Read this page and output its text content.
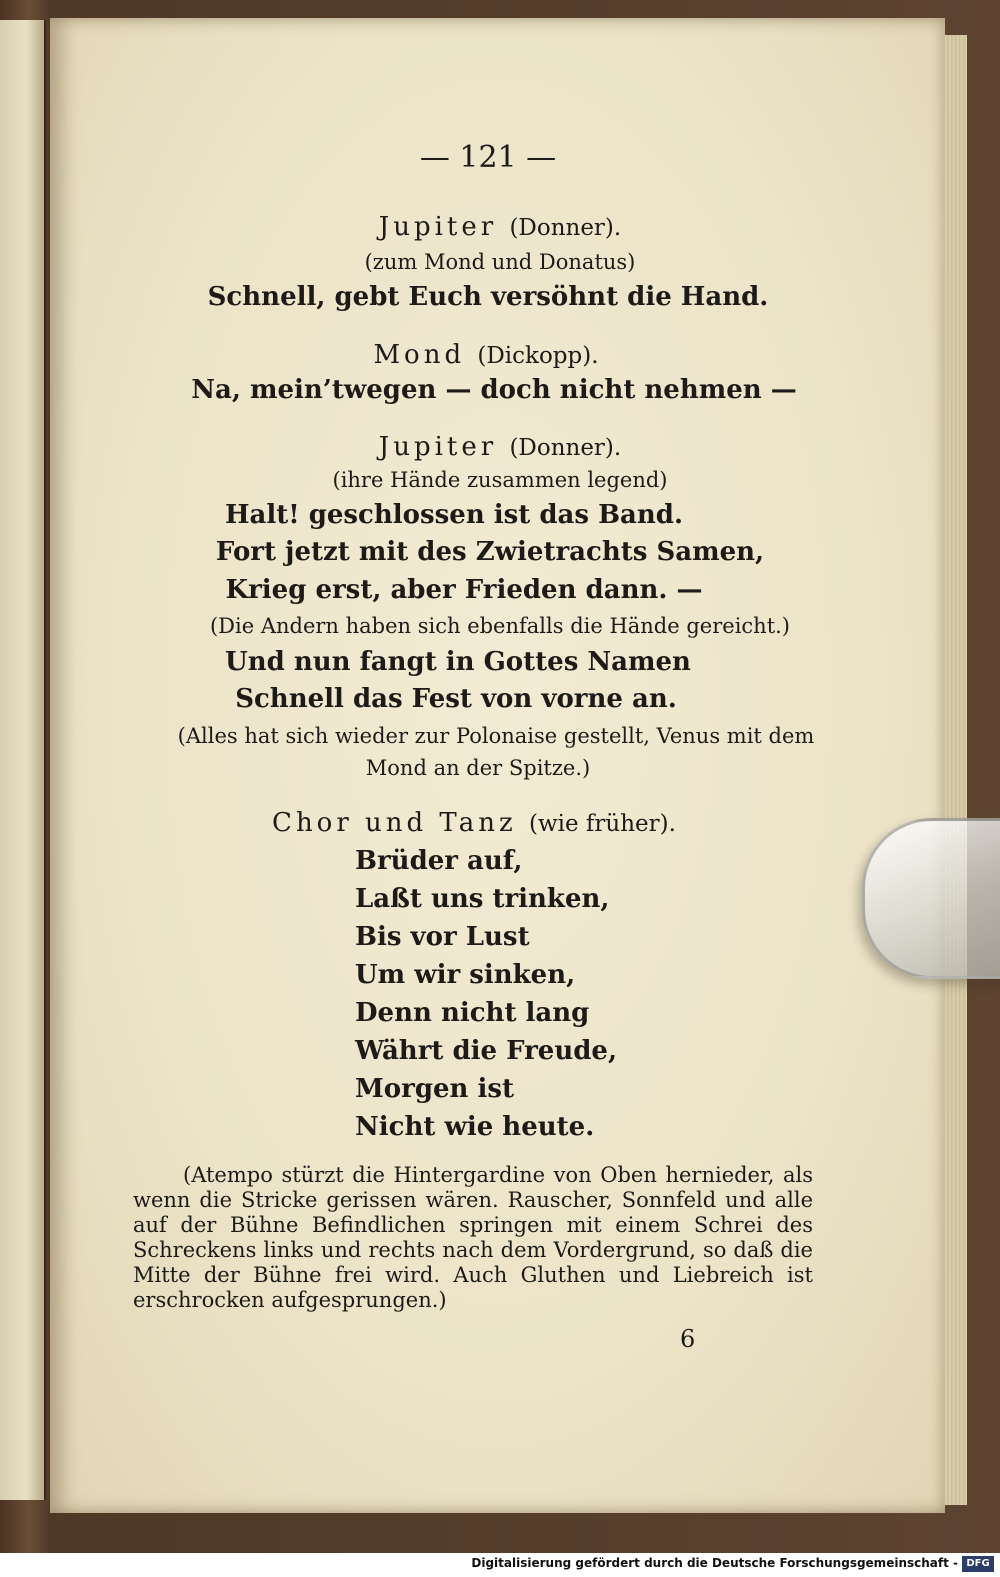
— 121 —
Jupiter (Donner).
(zum Mond und Donatus)
Schnell, gebt Euch versöhnt die Hand.
Mond (Dickopp).
Na, mein’twegen — doch nicht nehmen —
Jupiter (Donner).
(ihre Hände zusammen legend)
Halt! geschlossen ist das Band.
Fort jetzt mit des Zwietrachts Samen,
Krieg erst, aber Frieden dann. —
(Die Andern haben sich ebenfalls die Hände gereicht.)
Und nun fangt in Gottes Namen
Schnell das Fest von vorne an.
(Alles hat sich wieder zur Polonaise gestellt, Venus mit dem
Mond an der Spitze.)
Chor und Tanz (wie früher).
Brüder auf,
Laßt uns trinken,
Bis vor Lust
Um wir sinken,
Denn nicht lang
Währt die Freude,
Morgen ist
Nicht wie heute.
(Atempo stürzt die Hintergardine von Oben hernieder, als wenn die Stricke gerissen wären. Rauscher, Sonnfeld und alle auf der Bühne Befindlichen springen mit einem Schrei des Schreckens links und rechts nach dem Vordergrund, so daß die Mitte der Bühne frei wird. Auch Gluthen und Liebreich ist erschrocken aufgesprungen.)
6
Digitalisierung gefördert durch die Deutsche Forschungsgemeinschaft - DFG
